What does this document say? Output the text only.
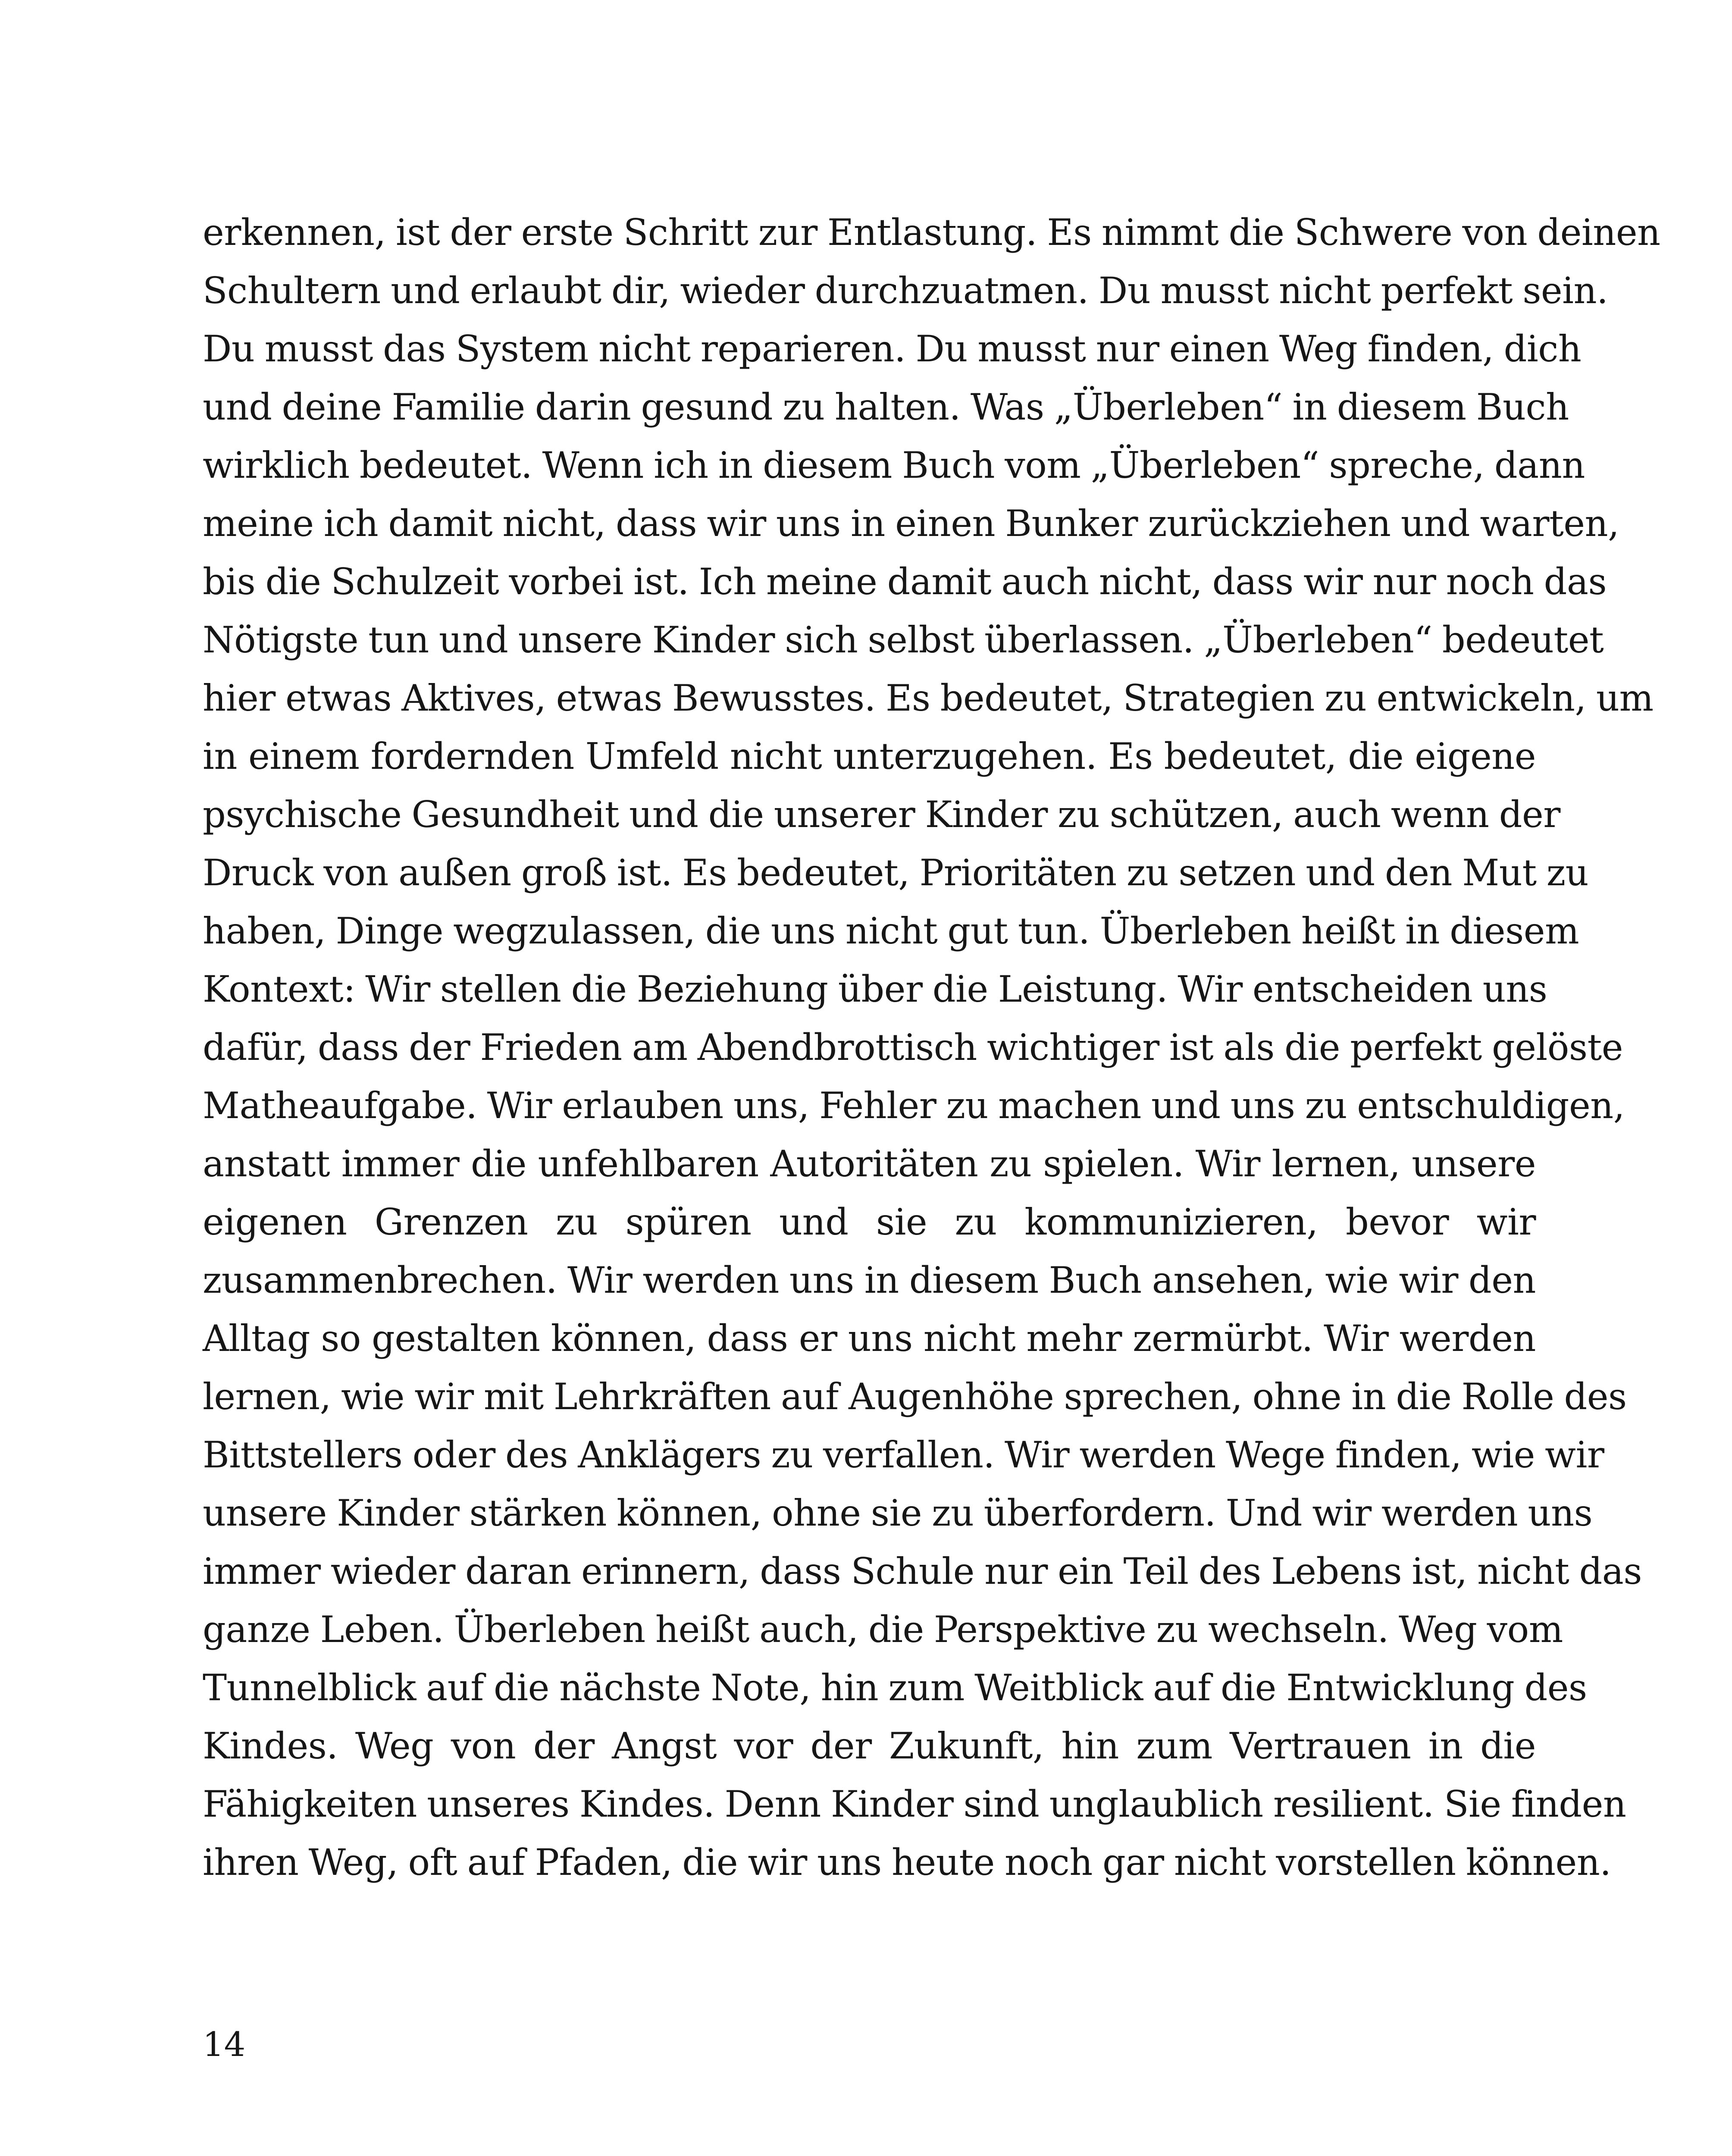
erkennen, ist der erste Schritt zur Entlastung. Es nimmt die Schwere von deinen
Schultern und erlaubt dir, wieder durchzuatmen. Du musst nicht perfekt sein.
Du musst das System nicht reparieren. Du musst nur einen Weg finden, dich
und deine Familie darin gesund zu halten. Was „Überleben“ in diesem Buch
wirklich bedeutet. Wenn ich in diesem Buch vom „Überleben“ spreche, dann
meine ich damit nicht, dass wir uns in einen Bunker zurückziehen und warten,
bis die Schulzeit vorbei ist. Ich meine damit auch nicht, dass wir nur noch das
Nötigste tun und unsere Kinder sich selbst überlassen. „Überleben“ bedeutet
hier etwas Aktives, etwas Bewusstes. Es bedeutet, Strategien zu entwickeln, um
in einem fordernden Umfeld nicht unterzugehen. Es bedeutet, die eigene
psychische Gesundheit und die unserer Kinder zu schützen, auch wenn der
Druck von außen groß ist. Es bedeutet, Prioritäten zu setzen und den Mut zu
haben, Dinge wegzulassen, die uns nicht gut tun. Überleben heißt in diesem
Kontext: Wir stellen die Beziehung über die Leistung. Wir entscheiden uns
dafür, dass der Frieden am Abendbrottisch wichtiger ist als die perfekt gelöste
Matheaufgabe. Wir erlauben uns, Fehler zu machen und uns zu entschuldigen,
anstatt immer die unfehlbaren Autoritäten zu spielen. Wir lernen, unsere
eigenen Grenzen zu spüren und sie zu kommunizieren, bevor wir
zusammenbrechen. Wir werden uns in diesem Buch ansehen, wie wir den
Alltag so gestalten können, dass er uns nicht mehr zermürbt. Wir werden
lernen, wie wir mit Lehrkräften auf Augenhöhe sprechen, ohne in die Rolle des
Bittstellers oder des Anklägers zu verfallen. Wir werden Wege finden, wie wir
unsere Kinder stärken können, ohne sie zu überfordern. Und wir werden uns
immer wieder daran erinnern, dass Schule nur ein Teil des Lebens ist, nicht das
ganze Leben. Überleben heißt auch, die Perspektive zu wechseln. Weg vom
Tunnelblick auf die nächste Note, hin zum Weitblick auf die Entwicklung des
Kindes. Weg von der Angst vor der Zukunft, hin zum Vertrauen in die
Fähigkeiten unseres Kindes. Denn Kinder sind unglaublich resilient. Sie finden
ihren Weg, oft auf Pfaden, die wir uns heute noch gar nicht vorstellen können.
14
